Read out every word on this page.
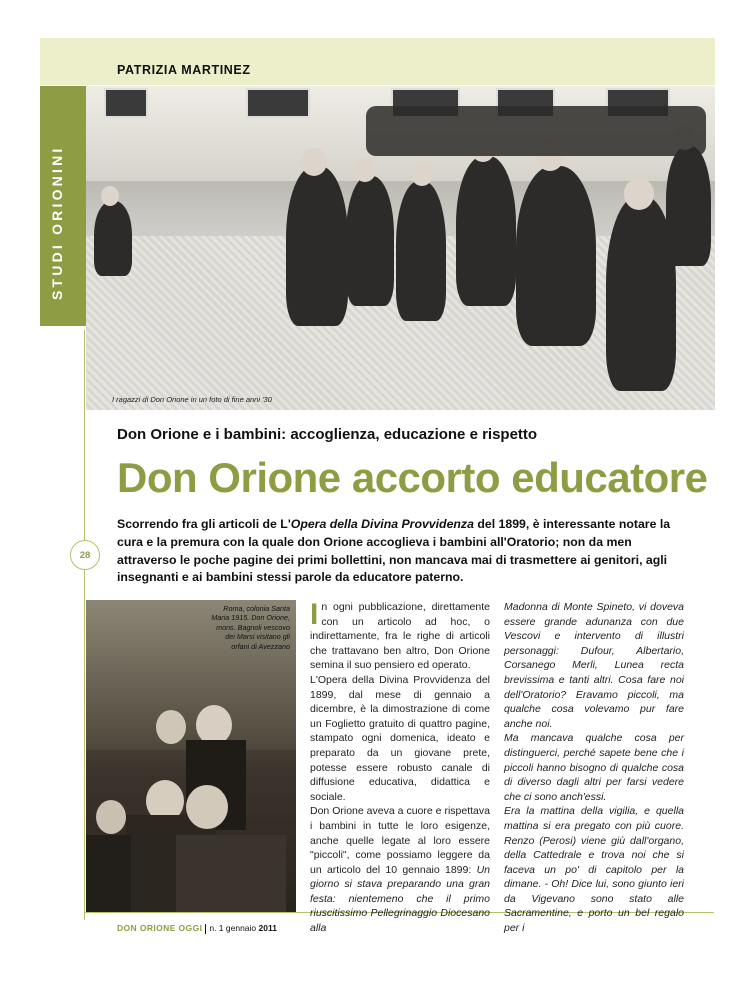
PATRIZIA MARTINEZ
STUDI ORIONINI
I ragazzi di Don Orione in un foto di fine anni '30
Don Orione e i bambini: accoglienza, educazione e rispetto
Don Orione accorto educatore
Scorrendo fra gli articoli de L'Opera della Divina Provvidenza del 1899, è interessante notare la cura e la premura con la quale don Orione accoglieva i bambini all'Oratorio; non da men attraverso le poche pagine dei primi bollettini, non mancava mai di trasmettere ai genitori, agli insegnanti e ai bambini stessi parole da educatore paterno.
28
Roma, colonia Santa Maria 1915. Don Orione, mons. Bagnoli vescovo dei Marsi visitano gli orfani di Avezzano

In ogni pubblicazione, direttamente con un articolo ad hoc, o indirettamente, fra le righe di articoli che trattavano ben altro, Don Orione semina il suo pensiero ed operato.

L'Opera della Divina Provvidenza del 1899, dal mese di gennaio a dicembre, è la dimostrazione di come un Foglietto gratuito di quattro pagine, stampato ogni domenica, ideato e preparato da un giovane prete, potesse essere robusto canale di diffusione educativa, didattica e sociale.

Don Orione aveva a cuore e rispettava i bambini in tutte le loro esigenze, anche quelle legate al loro essere "piccoli", come possiamo leggere da un articolo del 10 gennaio 1899: Un giorno si stava preparando una gran festa: nientemeno che il primo riuscitissimo Pellegrinaggio Diocesano alla

Madonna di Monte Spineto, vi doveva essere grande adunanza con due Vescovi e intervento di illustri personaggi: Dufour, Albertario, Corsanego Merli, Lunea recta brevissima e tanti altri. Cosa fare noi dell'Oratorio? Eravamo piccoli, ma qualche cosa volevamo pur fare anche noi.

Ma mancava qualche cosa per distinguerci, perché sapete bene che i piccoli hanno bisogno di qualche cosa di diverso dagli altri per farsi vedere che ci sono anch'essi.

Era la mattina della vigilia, e quella mattina si era pregato con più cuore. Renzo (Perosi) viene giù dall'organo, della Cattedrale e trova noi che si faceva un po' di capitolo per la dimane. - Oh! Dice lui, sono giunto ieri da Vigevano sono stato alle Sacramentine, e porto un bel regalo per i

DON ORIONE OGGI n. 1 gennaio 2011
